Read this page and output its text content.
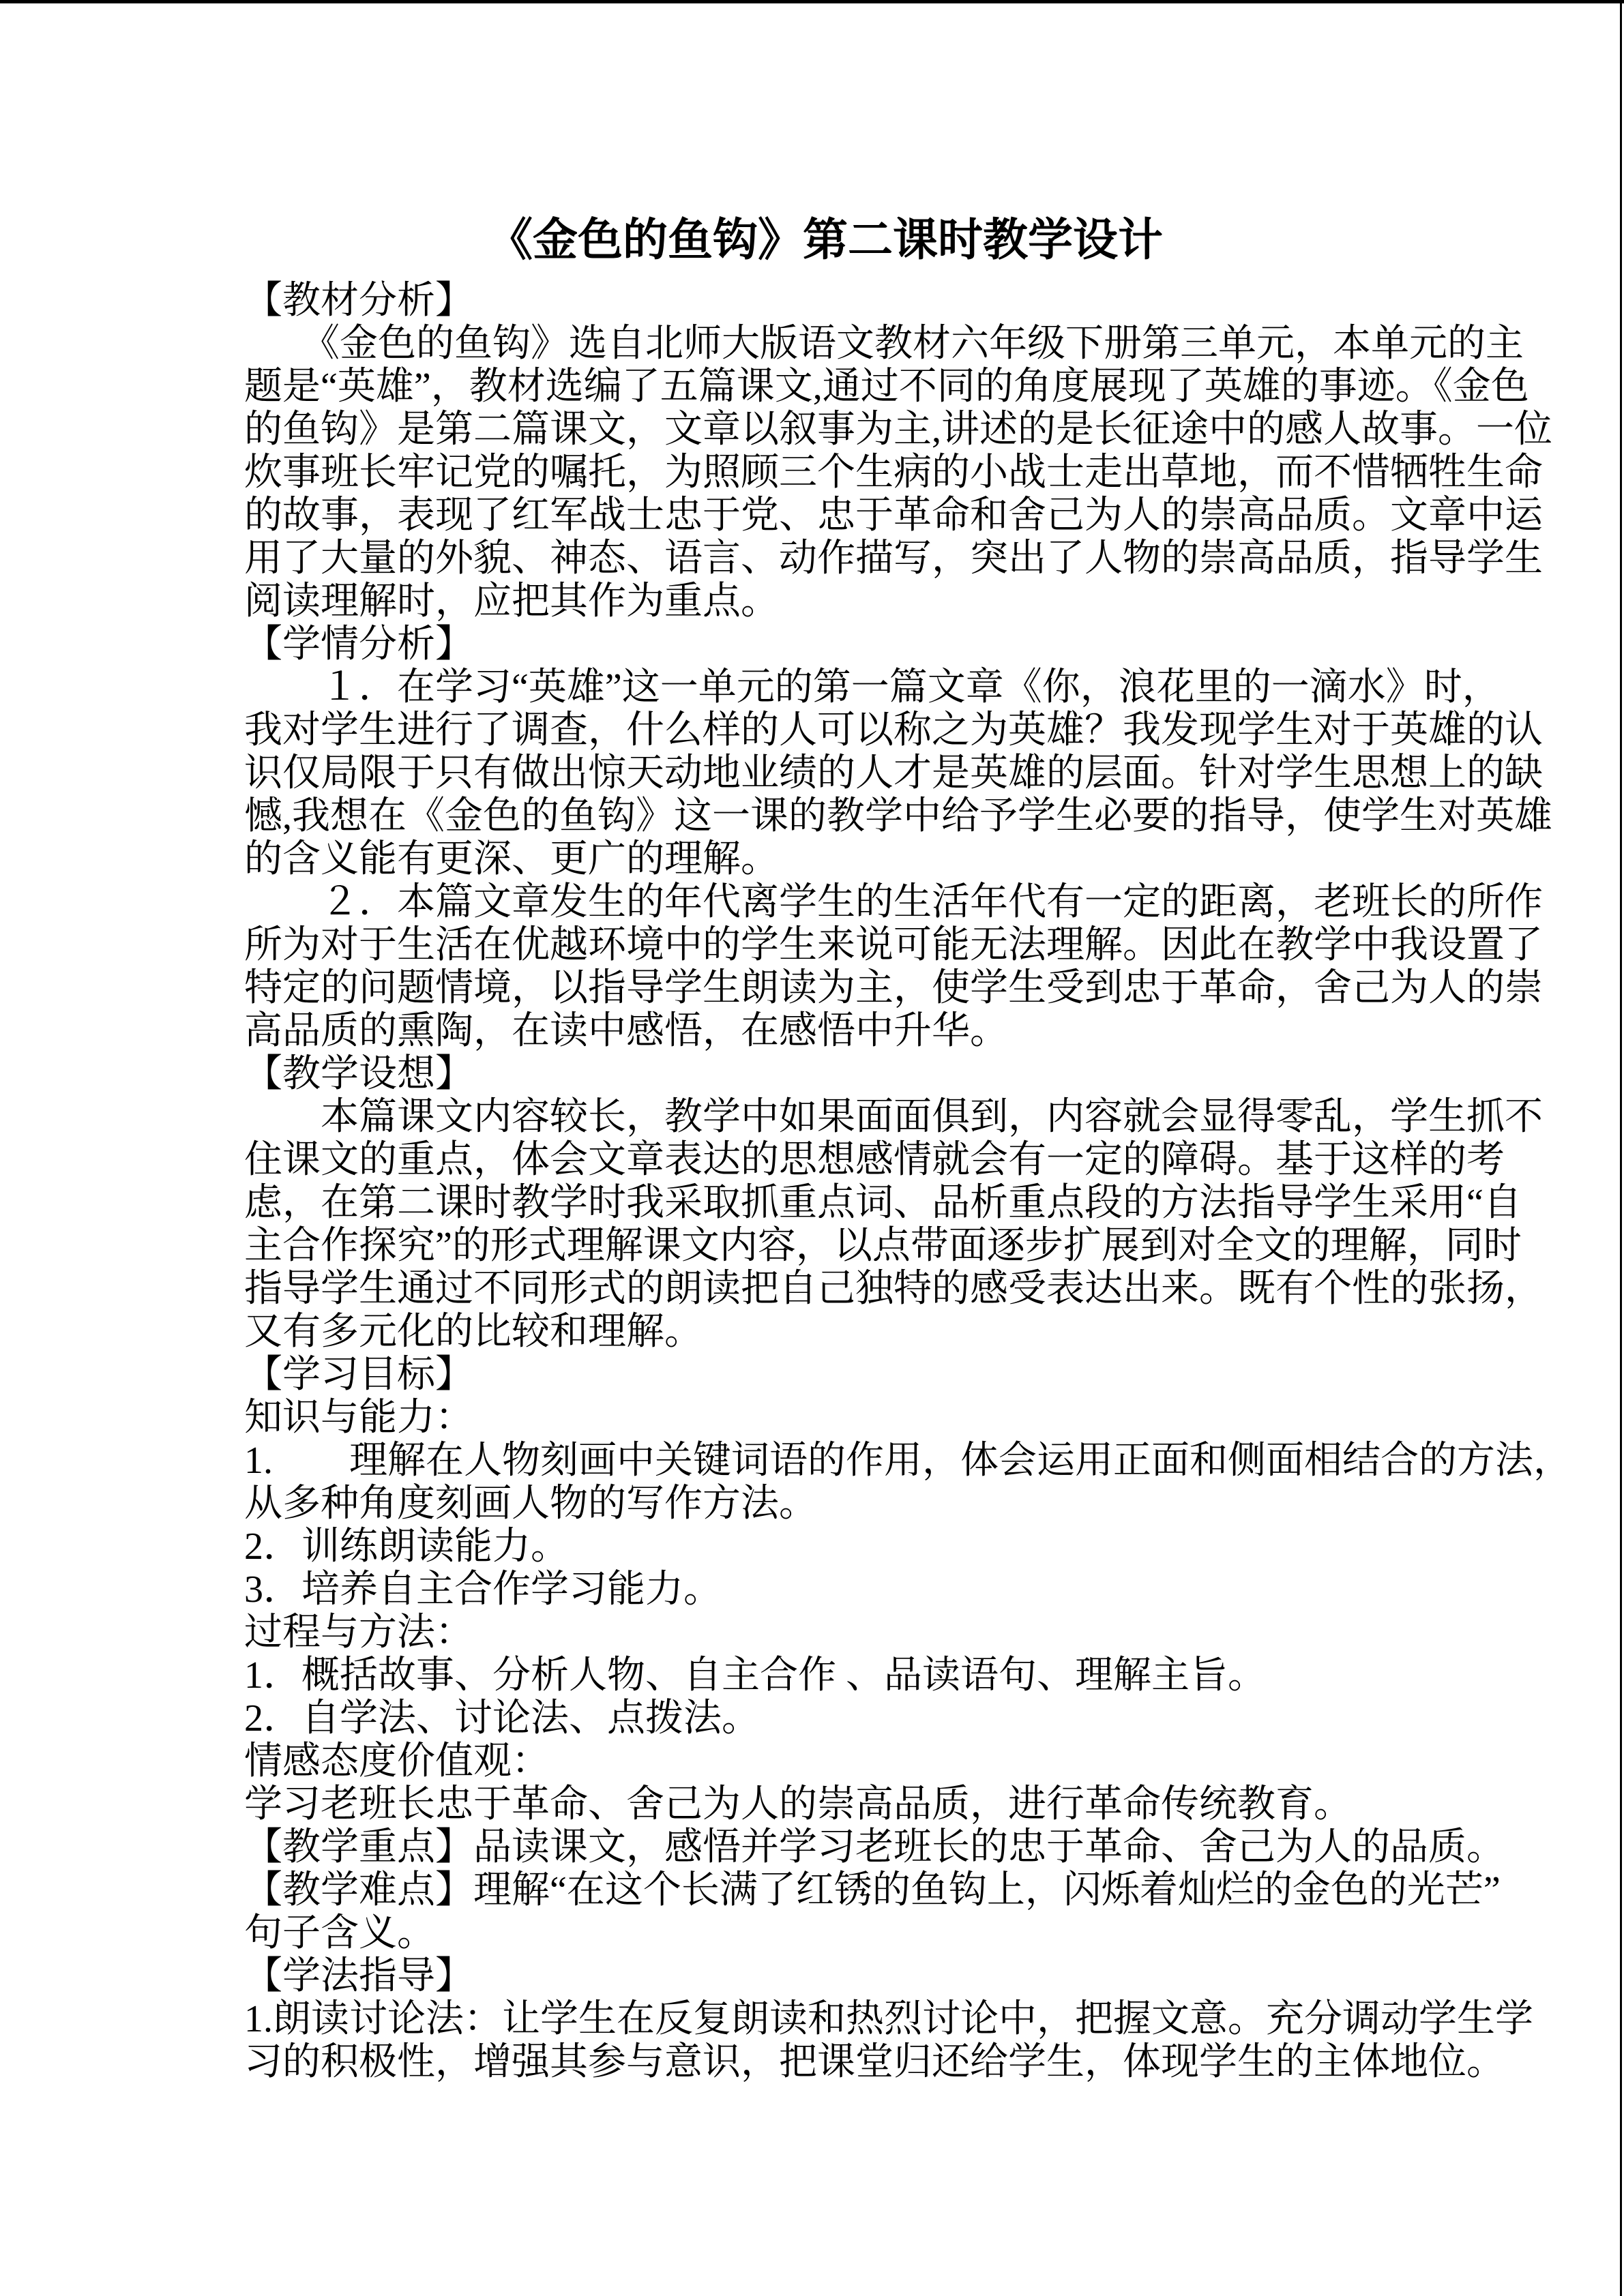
《金色的鱼钩》第二课时教学设计
【教材分析】
　　《金色的鱼钩》选自北师大版语文教材六年级下册第三单元，本单元的主
题是“英雄”，教材选编了五篇课文,通过不同的角度展现了英雄的事迹。《金色
的鱼钩》是第二篇课文，文章以叙事为主,讲述的是长征途中的感人故事。一位
炊事班长牢记党的嘱托，为照顾三个生病的小战士走出草地，而不惜牺牲生命
的故事，表现了红军战士忠于党、忠于革命和舍己为人的崇高品质。文章中运
用了大量的外貌、神态、语言、动作描写，突出了人物的崇高品质，指导学生
阅读理解时，应把其作为重点。
【学情分析】
　　１．在学习“英雄”这一单元的第一篇文章《你，浪花里的一滴水》时，
我对学生进行了调查，什么样的人可以称之为英雄？我发现学生对于英雄的认
识仅局限于只有做出惊天动地业绩的人才是英雄的层面。针对学生思想上的缺
憾,我想在《金色的鱼钩》这一课的教学中给予学生必要的指导，使学生对英雄
的含义能有更深、更广的理解。
　　２．本篇文章发生的年代离学生的生活年代有一定的距离，老班长的所作
所为对于生活在优越环境中的学生来说可能无法理解。因此在教学中我设置了
特定的问题情境，以指导学生朗读为主，使学生受到忠于革命，舍己为人的崇
高品质的熏陶，在读中感悟，在感悟中升华。
【教学设想】
　　本篇课文内容较长，教学中如果面面俱到，内容就会显得零乱，学生抓不
住课文的重点，体会文章表达的思想感情就会有一定的障碍。基于这样的考
虑，在第二课时教学时我采取抓重点词、品析重点段的方法指导学生采用“自
主合作探究”的形式理解课文内容，以点带面逐步扩展到对全文的理解，同时
指导学生通过不同形式的朗读把自己独特的感受表达出来。既有个性的张扬，
又有多元化的比较和理解。
【学习目标】
知识与能力：
1.　　理解在人物刻画中关键词语的作用，体会运用正面和侧面相结合的方法，
从多种角度刻画人物的写作方法。
2．训练朗读能力。
3．培养自主合作学习能力。
过程与方法：
1．概括故事、分析人物、自主合作 、品读语句、理解主旨。
2．自学法、讨论法、点拨法。
情感态度价值观：
学习老班长忠于革命、舍己为人的崇高品质，进行革命传统教育。
【教学重点】品读课文，感悟并学习老班长的忠于革命、舍己为人的品质。
【教学难点】理解“在这个长满了红锈的鱼钩上，闪烁着灿烂的金色的光芒”
句子含义。
【学法指导】
1.朗读讨论法：让学生在反复朗读和热烈讨论中，把握文意。充分调动学生学
习的积极性，增强其参与意识，把课堂归还给学生，体现学生的主体地位。
